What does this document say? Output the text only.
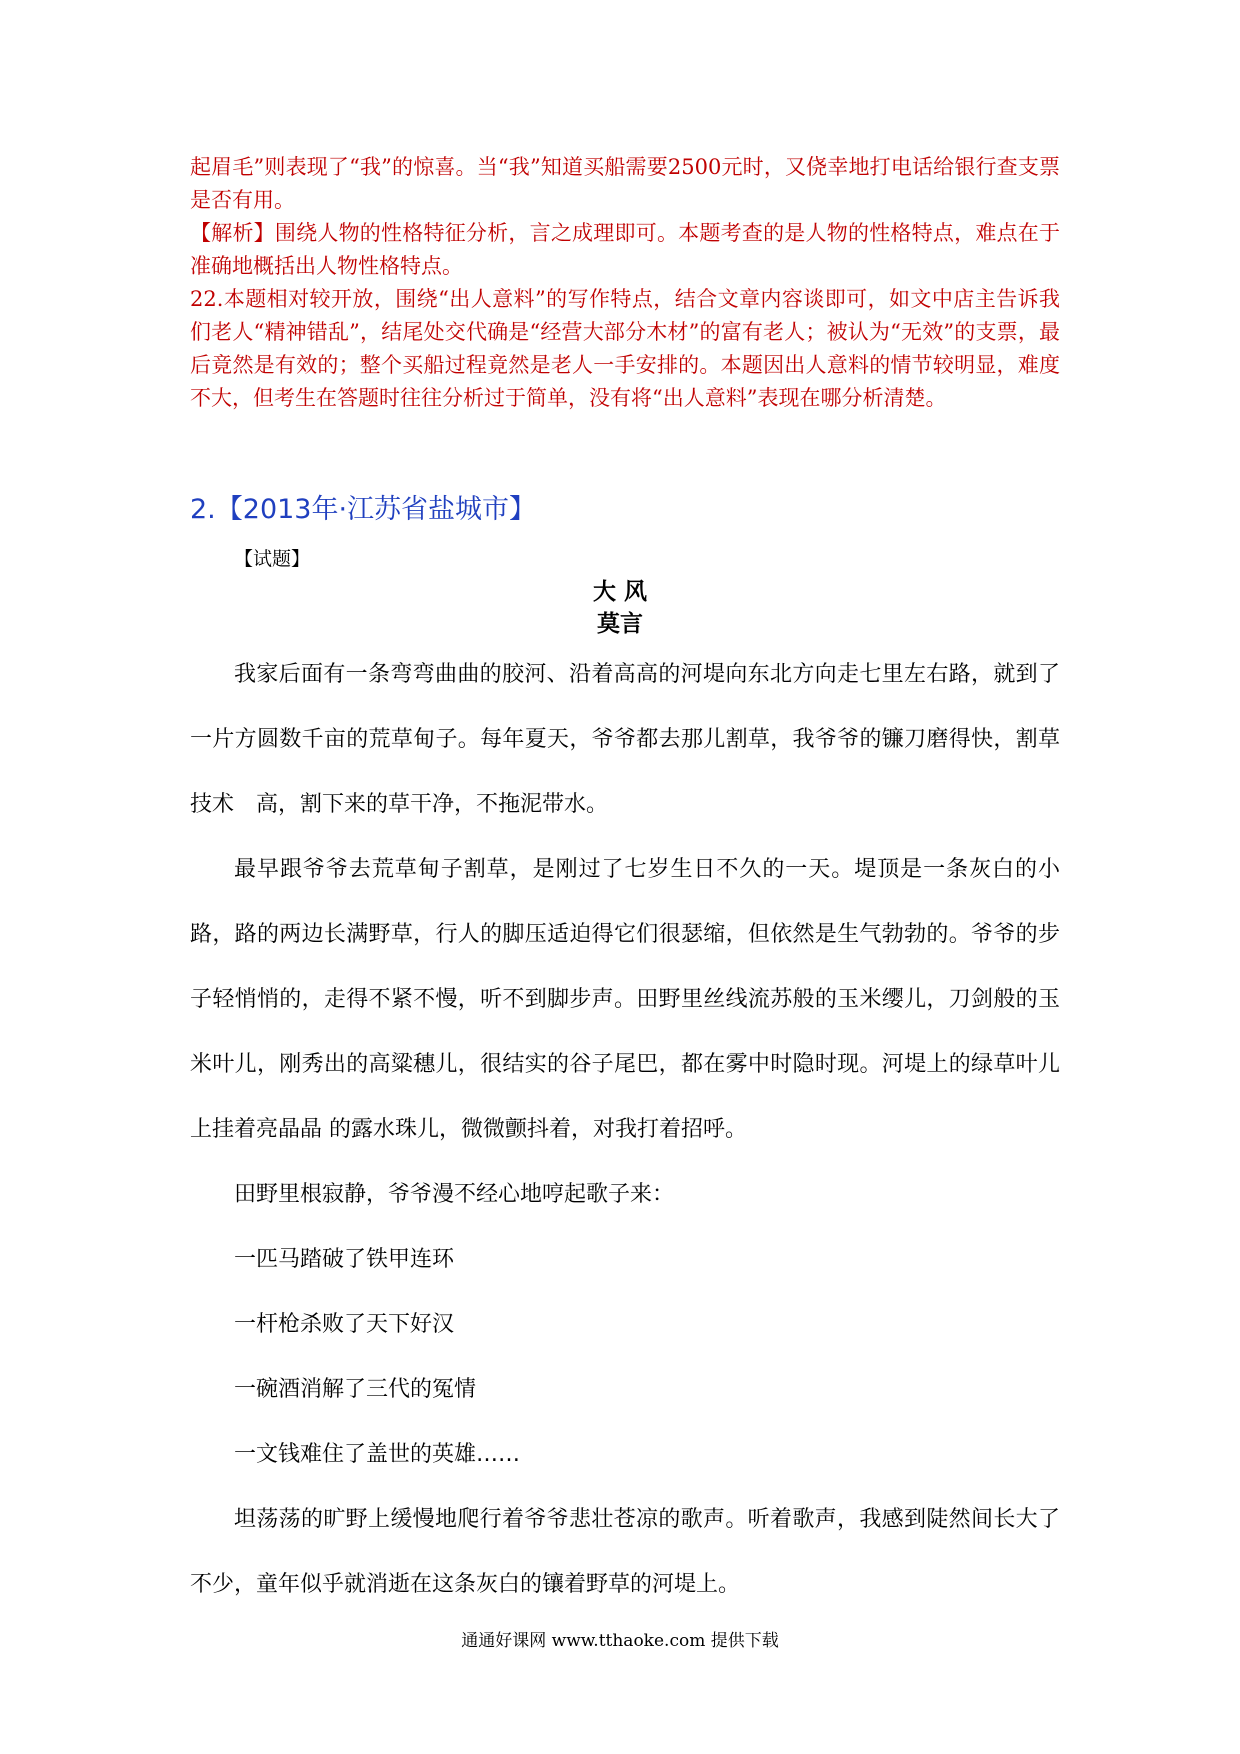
起眉毛”则表现了“我”的惊喜。当“我”知道买船需要2500元时，又侥幸地打电话给银行查支票是否有用。

【解析】围绕人物的性格特征分析，言之成理即可。本题考查的是人物的性格特点，难点在于准确地概括出人物性格特点。

22.本题相对较开放，围绕“出人意料”的写作特点，结合文章内容谈即可，如文中店主告诉我们老人“精神错乱”，结尾处交代确是“经营大部分木材”的富有老人；被认为“无效”的支票，最后竟然是有效的；整个买船过程竟然是老人一手安排的。本题因出人意料的情节较明显，难度不大，但考生在答题时往往分析过于简单，没有将“出人意料”表现在哪分析清楚。

2.【2013年·江苏省盐城市】
【试题】
大 风
莫言

我家后面有一条弯弯曲曲的胶河、沿着高高的河堤向东北方向走七里左右路，就到了一片方圆数千亩的荒草甸子。每年夏天，爷爷都去那儿割草，我爷爷的镰刀磨得快，割草技术　高，割下来的草干净，不拖泥带水。

最早跟爷爷去荒草甸子割草，是刚过了七岁生日不久的一天。堤顶是一条灰白的小路，路的两边长满野草，行人的脚压适迫得它们很瑟缩，但依然是生气勃勃的。爷爷的步子轻悄悄的，走得不紧不慢，听不到脚步声。田野里丝线流苏般的玉米缨儿，刀剑般的玉米叶儿，刚秀出的高粱穗儿，很结实的谷子尾巴，都在雾中时隐时现。河堤上的绿草叶儿上挂着亮晶晶 的露水珠儿，微微颤抖着，对我打着招呼。

田野里根寂静，爷爷漫不经心地哼起歌子来：

一匹马踏破了铁甲连环

一杆枪杀败了天下好汉

一碗酒消解了三代的冤情

一文钱难住了盖世的英雄……

坦荡荡的旷野上缓慢地爬行着爷爷悲壮苍凉的歌声。听着歌声，我感到陡然间长大了不少，童年似乎就消逝在这条灰白的镶着野草的河堤上。

通通好课网 www.tthaoke.com 提供下载
